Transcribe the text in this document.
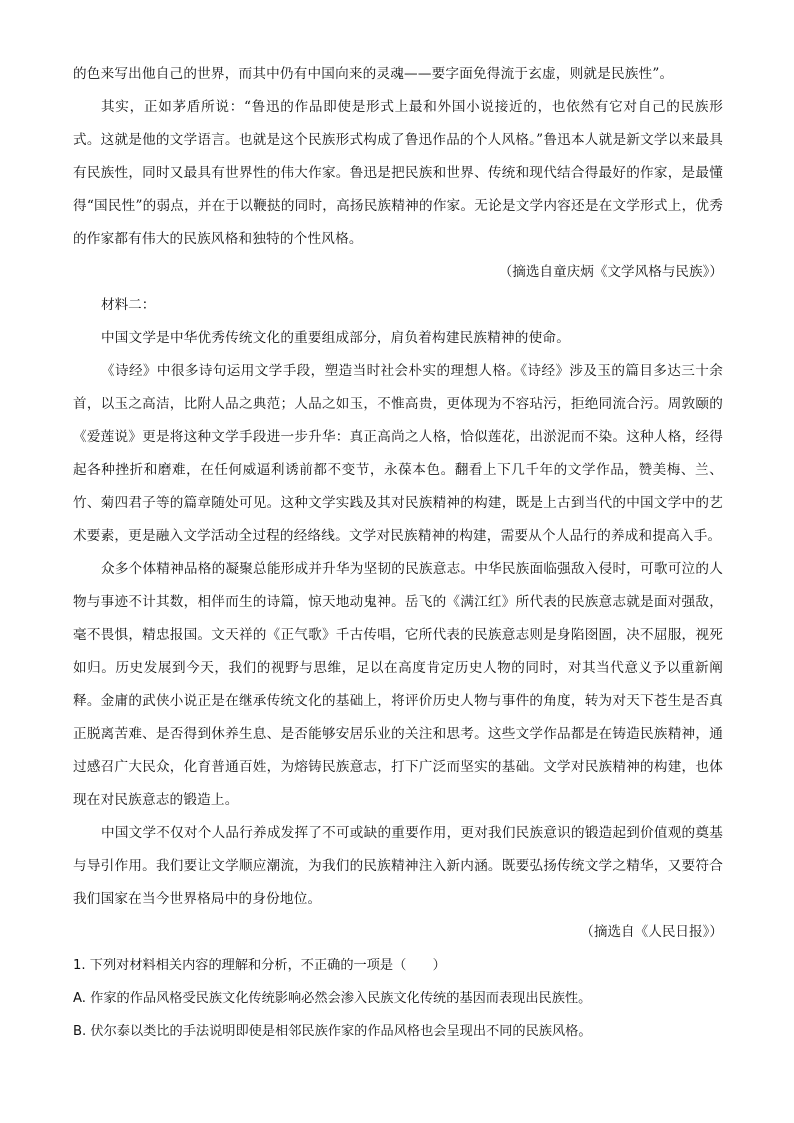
的色来写出他自己的世界，而其中仍有中国向来的灵魂——要字面免得流于玄虚，则就是民族性”。

其实，正如茅盾所说：“鲁迅的作品即使是形式上最和外国小说接近的，也依然有它对自己的民族形式。这就是他的文学语言。也就是这个民族形式构成了鲁迅作品的个人风格。”鲁迅本人就是新文学以来最具有民族性，同时又最具有世界性的伟大作家。鲁迅是把民族和世界、传统和现代结合得最好的作家，是最懂得“国民性”的弱点，并在于以鞭挞的同时，高扬民族精神的作家。无论是文学内容还是在文学形式上，优秀的作家都有伟大的民族风格和独特的个性风格。

（摘选自童庆炳《文学风格与民族》）

材料二：

中国文学是中华优秀传统文化的重要组成部分，肩负着构建民族精神的使命。

《诗经》中很多诗句运用文学手段，塑造当时社会朴实的理想人格。《诗经》涉及玉的篇目多达三十余首，以玉之高洁，比附人品之典范；人品之如玉，不惟高贵，更体现为不容玷污，拒绝同流合污。周敦颐的《爱莲说》更是将这种文学手段进一步升华：真正高尚之人格，恰似莲花，出淤泥而不染。这种人格，经得起各种挫折和磨难，在任何威逼利诱前都不变节，永葆本色。翻看上下几千年的文学作品，赞美梅、兰、竹、菊四君子等的篇章随处可见。这种文学实践及其对民族精神的构建，既是上古到当代的中国文学中的艺术要素，更是融入文学活动全过程的经络线。文学对民族精神的构建，需要从个人品行的养成和提高入手。

众多个体精神品格的凝聚总能形成并升华为坚韧的民族意志。中华民族面临强敌入侵时，可歌可泣的人物与事迹不计其数，相伴而生的诗篇，惊天地动鬼神。岳飞的《满江红》所代表的民族意志就是面对强敌，毫不畏惧，精忠报国。文天祥的《正气歌》千古传唱，它所代表的民族意志则是身陷囹圄，决不屈服，视死如归。历史发展到今天，我们的视野与思维，足以在高度肯定历史人物的同时，对其当代意义予以重新阐释。金庸的武侠小说正是在继承传统文化的基础上，将评价历史人物与事件的角度，转为对天下苍生是否真正脱离苦难、是否得到休养生息、是否能够安居乐业的关注和思考。这些文学作品都是在铸造民族精神，通过感召广大民众，化育普通百姓，为熔铸民族意志，打下广泛而坚实的基础。文学对民族精神的构建，也体现在对民族意志的锻造上。

中国文学不仅对个人品行养成发挥了不可或缺的重要作用，更对我们民族意识的锻造起到价值观的奠基与导引作用。我们要让文学顺应潮流，为我们的民族精神注入新内涵。既要弘扬传统文学之精华，又要符合我们国家在当今世界格局中的身份地位。

（摘选自《人民日报》）

1. 下列对材料相关内容的理解和分析，不正确的一项是（　　）

A. 作家的作品风格受民族文化传统影响必然会渗入民族文化传统的基因而表现出民族性。

B. 伏尔泰以类比的手法说明即使是相邻民族作家的作品风格也会呈现出不同的民族风格。
